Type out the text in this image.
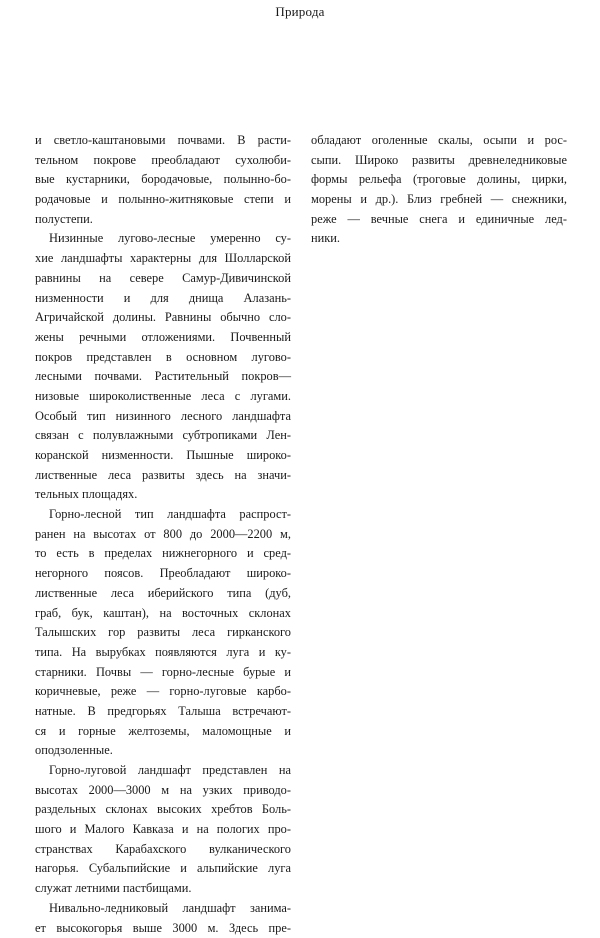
Природа
и светло-каштановыми почвами. В расти-
тельном покрове преобладают сухолюби-
вые кустарники, бородачовые, полынно-бо-
родачовые и полынно-житняковые степи и
полустепи.
Низинные лугово-лесные умеренно су-
хие ландшафты характерны для Шолларской
равнины на севере Самур-Дивичинской
низменности и для днища Алазань-
Агричайской долины. Равнины обычно сло-
жены речными отложениями. Почвенный
покров представлен в основном лугово-
лесными почвами. Растительный покров—
низовые широколиственные леса с лугами.
Особый тип низинного лесного ландшафта
связан с полувлажными субтропиками Лен-
коранской низменности. Пышные широко-
лиственные леса развиты здесь на значи-
тельных площадях.
Горно-лесной тип ландшафта распрост-
ранен на высотах от 800 до 2000—2200 м,
то есть в пределах нижнегорного и сред-
негорного поясов. Преобладают широко-
лиственные леса иберийского типа (дуб,
граб, бук, каштан), на восточных склонах
Талышских гор развиты леса гирканского
типа. На вырубках появляются луга и ку-
старники. Почвы — горно-лесные бурые и
коричневые, реже — горно-луговые карбо-
натные. В предгорьях Талыша встречают-
ся и горные желтоземы, маломощные и
оподзоленные.
Горно-луговой ландшафт представлен на
высотах 2000—3000 м на узких приводо-
раздельных склонах высоких хребтов Боль-
шого и Малого Кавказа и на пологих про-
странствах Карабахского вулканического
нагорья. Субальпийские и альпийские луга
служат летними пастбищами.
Нивально-ледниковый ландшафт занима-
ет высокогорья выше 3000 м. Здесь пре-
обладают оголенные скалы, осыпи и рос-
сыпи. Широко развиты древнеледниковые
формы рельефа (троговые долины, цирки,
морены и др.). Близ гребней — снежники,
реже — вечные снега и единичные лед-
ники.
